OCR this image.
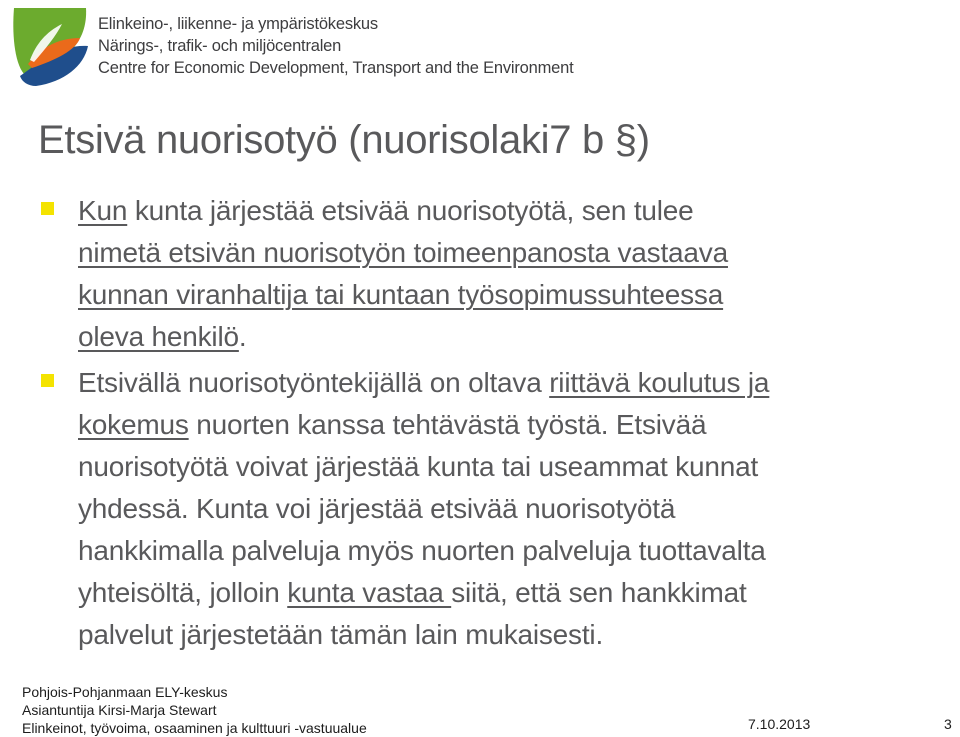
Elinkeino-, liikenne- ja ympäristökeskus
Närings-, trafik- och miljöcentralen
Centre for Economic Development, Transport and the Environment
Etsivä nuorisotyö (nuorisolaki7 b §)
Kun kunta järjestää etsivää nuorisotyötä, sen tulee
nimetä etsivän nuorisotyön toimeenpanosta vastaava
kunnan viranhaltija tai kuntaan työsopimussuhteessa
oleva henkilö.
Etsivällä nuorisotyöntekijällä on oltava riittävä koulutus ja
kokemus nuorten kanssa tehtävästä työstä. Etsivää
nuorisotyötä voivat järjestää kunta tai useammat kunnat
yhdessä. Kunta voi järjestää etsivää nuorisotyötä
hankkimalla palveluja myös nuorten palveluja tuottavalta
yhteisöltä, jolloin kunta vastaa siitä, että sen hankkimat
palvelut järjestetään tämän lain mukaisesti.
Pohjois-Pohjanmaan ELY-keskus
Asiantuntija Kirsi-Marja Stewart
Elinkeinot, työvoima, osaaminen ja kulttuuri -vastuualue	7.10.2013	3
